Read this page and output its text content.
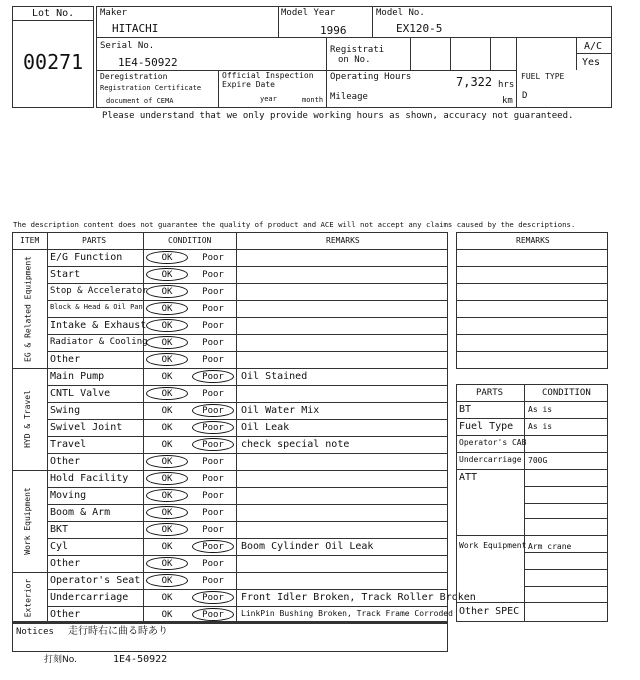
Lot No.
00271
Maker
HITACHI
Model Year
1996
Model No.
EX120-5
Serial No.
1E4-50922
Registrati
on No.
A/C
Yes
Deregistration
Registration Certificate
document of CEMA
Official Inspection
Expire Date
year	month
Operating Hours	7,322 hrs
Mileage	km
FUEL TYPE
D
Please understand that we only provide working hours as shown, accuracy not guaranteed.
The description content does not guarantee the quality of product and ACE will not accept any claims caused by the descriptions.
ITEM	PARTS	CONDITION	REMARKS
E/G Function	OK	Poor
Start	OK	Poor
Stop & Accelerator	OK	Poor
Block & Head & Oil Pan	OK	Poor
Intake & Exhaust	OK	Poor
Radiator & Cooling	OK	Poor
Other	OK	Poor
EG & Related Equipment
Main Pump	OK	Poor	Oil Stained
CNTL Valve	OK	Poor
Swing	OK	Poor	Oil Water Mix
Swivel Joint	OK	Poor	Oil Leak
Travel	OK	Poor	check special note
Other	OK	Poor
HYD & Travel
Hold Facility	OK	Poor
Moving	OK	Poor
Boom & Arm	OK	Poor
BKT	OK	Poor
Cyl	OK	Poor	Boom Cylinder Oil Leak
Other	OK	Poor
Work Equipment
Operator's Seat	OK	Poor
Undercarriage	OK	Poor	Front Idler Broken, Track Roller Broken
Other	OK	Poor	LinkPin Bushing Broken, Track Frame Corroded
Exterior
Notices 走行時右に曲る時あり
打刻No.	1E4-50922
REMARKS
PARTS	CONDITION
BT	As is
Fuel Type As is
Operator's CAB
Undercarriage 700G
ATT
Work Equipment Arm crane
Other SPEC
